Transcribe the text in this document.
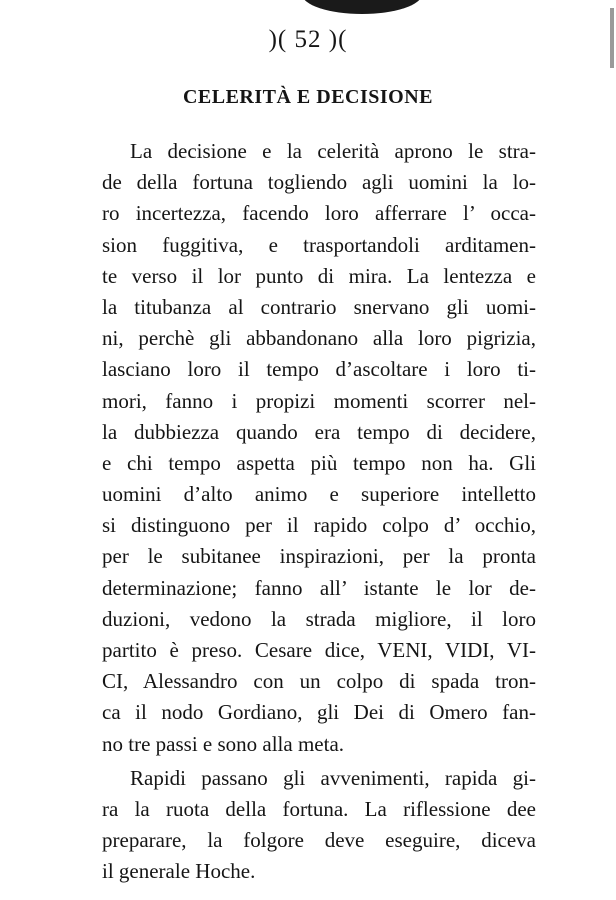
)( 52 )(
CELERITÀ E DECISIONE
La decisione e la celerità aprono le stra-
de della fortuna togliendo agli uomini la lo-
ro incertezza, facendo loro afferrare l’ occa-
sion fuggitiva, e trasportandoli arditamen-
te verso il lor punto di mira. La lentezza e
la titubanza al contrario snervano gli uomi-
ni, perchè gli abbandonano alla loro pigrizia,
lasciano loro il tempo d’ascoltare i loro ti-
mori, fanno i propizi momenti scorrer nel-
la dubbiezza quando era tempo di decidere,
e chi tempo aspetta più tempo non ha. Gli
uomini d’alto animo e superiore intelletto
si distinguono per il rapido colpo d’ occhio,
per le subitanee inspirazioni, per la pronta
determinazione; fanno all’ istante le lor de-
duzioni, vedono la strada migliore, il loro
partito è preso. Cesare dice, VENI, VIDI, VI-
CI, Alessandro con un colpo di spada tron-
ca il nodo Gordiano, gli Dei di Omero fan-
no tre passi e sono alla meta.
Rapidi passano gli avvenimenti, rapida gi-
ra la ruota della fortuna. La riflessione dee
preparare, la folgore deve eseguire, diceva
il generale Hoche.
